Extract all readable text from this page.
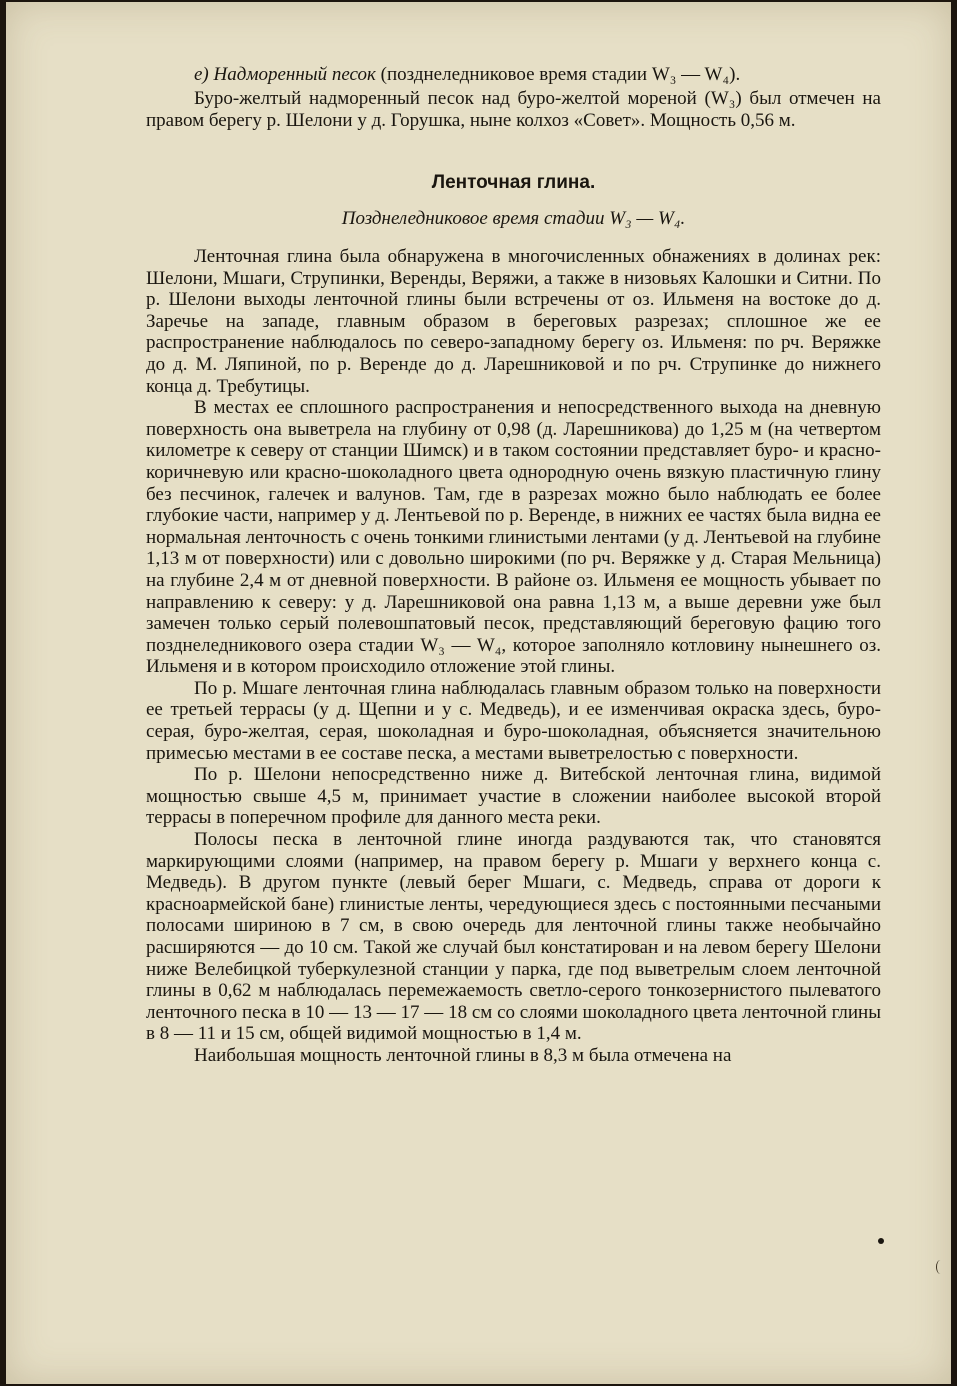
е) Надморенный песок (позднеледниковое время стадии W₃ — W₄).

Буро-желтый надморенный песок над буро-желтой мореной (W₃) был отмечен на правом берегу р. Шелони у д. Горушка, ныне колхоз «Совет». Мощность 0,56 м.

Ленточная глина.
Позднеледниковое время стадии W₃ — W₄.

Ленточная глина была обнаружена в многочисленных обнажениях в долинах рек: Шелони, Мшаги, Струпинки, Веренды, Веряжи, а также в низовьях Калошки и Ситни. По р. Шелони выходы ленточной глины были встречены от оз. Ильменя на востоке до д. Заречье на западе, главным образом в береговых разрезах; сплошное же ее распространение наблюдалось по северо-западному берегу оз. Ильменя: по рч. Веряжке до д. М. Ляпиной, по р. Веренде до д. Ларешниковой и по рч. Струпинке до нижнего конца д. Требутицы.

В местах ее сплошного распространения и непосредственного выхода на дневную поверхность она выветрела на глубину от 0,98 (д. Ларешникова) до 1,25 м (на четвертом километре к северу от станции Шимск) и в таком состоянии представляет буро- и красно-коричневую или красно-шоколадного цвета однородную очень вязкую пластичную глину без песчинок, галечек и валунов. Там, где в разрезах можно было наблюдать ее более глубокие части, например у д. Лентьевой по р. Веренде, в нижних ее частях была видна ее нормальная ленточность с очень тонкими глинистыми лентами (у д. Лентьевой на глубине 1,13 м от поверхности) или с довольно широкими (по рч. Веряжке у д. Старая Мельница) на глубине 2,4 м от дневной поверхности. В районе оз. Ильменя ее мощность убывает по направлению к северу: у д. Ларешниковой она равна 1,13 м, а выше деревни уже был замечен только серый полевошпатовый песок, представляющий береговую фацию того позднеледникового озера стадии W₃ — W₄, которое заполняло котловину нынешнего оз. Ильменя и в котором происходило отложение этой глины.

По р. Мшаге ленточная глина наблюдалась главным образом только на поверхности ее третьей террасы (у д. Щепни и у с. Медведь), и ее изменчивая окраска здесь, буро-серая, буро-желтая, серая, шоколадная и буро-шоколадная, объясняется значительною примесью местами в ее составе песка, а местами выветрелостью с поверхности.

По р. Шелони непосредственно ниже д. Витебской ленточная глина, видимой мощностью свыше 4,5 м, принимает участие в сложении наиболее высокой второй террасы в поперечном профиле для данного места реки.

Полосы песка в ленточной глине иногда раздуваются так, что становятся маркирующими слоями (например, на правом берегу р. Мшаги у верхнего конца с. Медведь). В другом пункте (левый берег Мшаги, с. Медведь, справа от дороги к красноармейской бане) глинистые ленты, чередующиеся здесь с постоянными песчаными полосами шириною в 7 см, в свою очередь для ленточной глины также необычайно расширяются — до 10 см. Такой же случай был констатирован и на левом берегу Шелони ниже Велебицкой туберкулезной станции у парка, где под выветрелым слоем ленточной глины в 0,62 м наблюдалась перемежаемость светло-серого тонкозернистого пылеватого ленточного песка в 10 — 13 — 17 — 18 см со слоями шоколадного цвета ленточной глины в 8 — 11 и 15 см, общей видимой мощностью в 1,4 м.

Наибольшая мощность ленточной глины в 8,3 м была отмечена на
